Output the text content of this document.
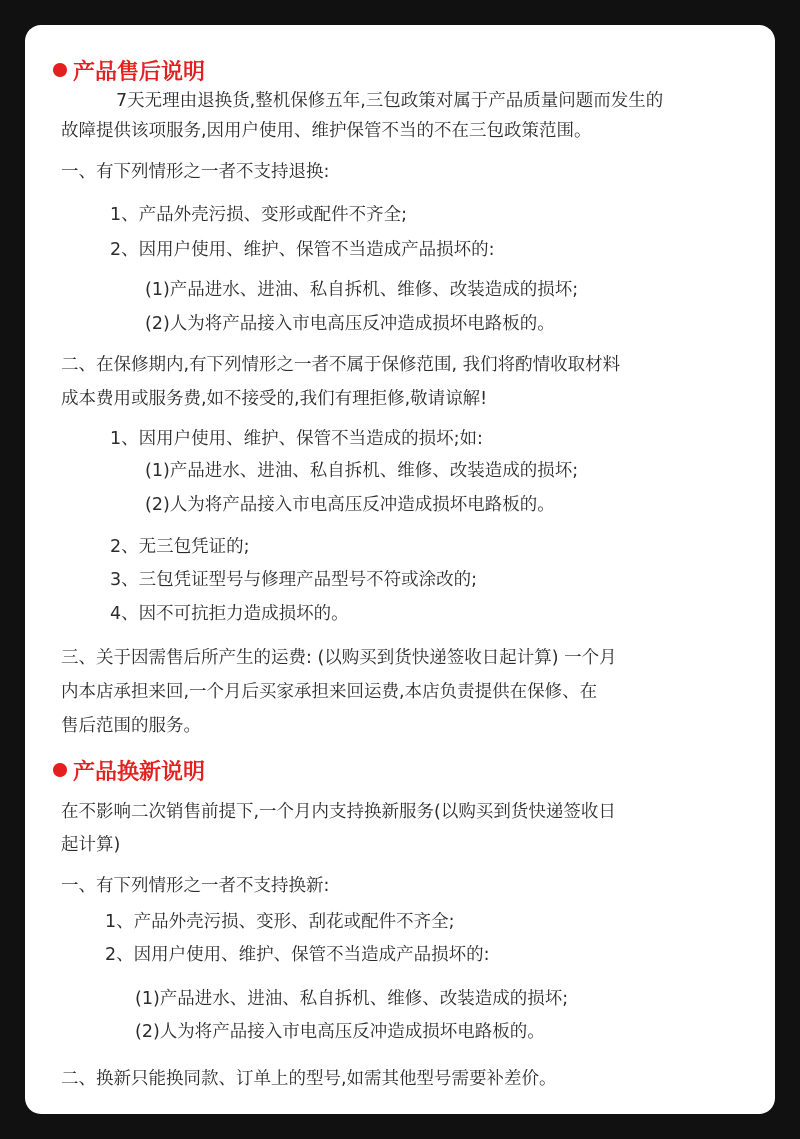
产品售后说明
7天无理由退换货,整机保修五年,三包政策对属于产品质量问题而发生的
故障提供该项服务,因用户使用、维护保管不当的不在三包政策范围。
一、有下列情形之一者不支持退换:
1、产品外壳污损、变形或配件不齐全;
2、因用户使用、维护、保管不当造成产品损坏的:
(1)产品进水、进油、私自拆机、维修、改装造成的损坏;
(2)人为将产品接入市电高压反冲造成损坏电路板的。
二、在保修期内,有下列情形之一者不属于保修范围, 我们将酌情收取材料
成本费用或服务费,如不接受的,我们有理拒修,敬请谅解!
1、因用户使用、维护、保管不当造成的损坏;如:
(1)产品进水、进油、私自拆机、维修、改装造成的损坏;
(2)人为将产品接入市电高压反冲造成损坏电路板的。
2、无三包凭证的;
3、三包凭证型号与修理产品型号不符或涂改的;
4、因不可抗拒力造成损坏的。
三、关于因需售后所产生的运费: (以购买到货快递签收日起计算) 一个月
内本店承担来回,一个月后买家承担来回运费,本店负责提供在保修、在
售后范围的服务。
产品换新说明
在不影响二次销售前提下,一个月内支持换新服务(以购买到货快递签收日
起计算)
一、有下列情形之一者不支持换新:
1、产品外壳污损、变形、刮花或配件不齐全;
2、因用户使用、维护、保管不当造成产品损坏的:
(1)产品进水、进油、私自拆机、维修、改装造成的损坏;
(2)人为将产品接入市电高压反冲造成损坏电路板的。
二、换新只能换同款、订单上的型号,如需其他型号需要补差价。
